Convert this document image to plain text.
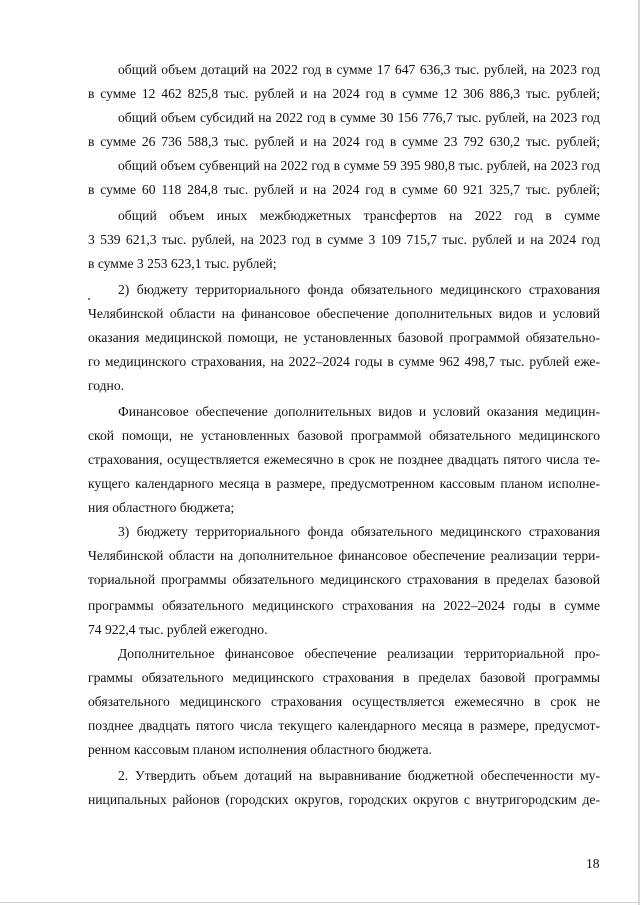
общий объем дотаций на 2022 год в сумме 17 647 636,3 тыс. рублей, на 2023 год
в сумме 12 462 825,8 тыс. рублей и на 2024 год в сумме 12 306 886,3 тыс. рублей;
общий объем субсидий на 2022 год в сумме 30 156 776,7 тыс. рублей, на 2023 год
в сумме 26 736 588,3 тыс. рублей и на 2024 год в сумме 23 792 630,2 тыс. рублей;
общий объем субвенций на 2022 год в сумме 59 395 980,8 тыс. рублей, на 2023 год
в сумме 60 118 284,8 тыс. рублей и на 2024 год в сумме 60 921 325,7 тыс. рублей;
общий объем иных межбюджетных трансфертов на 2022 год в сумме
3 539 621,3 тыс. рублей, на 2023 год в сумме 3 109 715,7 тыс. рублей и на 2024 год
в сумме 3 253 623,1 тыс. рублей;
2) бюджету территориального фонда обязательного медицинского страхования
Челябинской области на финансовое обеспечение дополнительных видов и условий
оказания медицинской помощи, не установленных базовой программой обязательно-
го медицинского страхования, на 2022–2024 годы в сумме 962 498,7 тыс. рублей еже-
годно.
Финансовое обеспечение дополнительных видов и условий оказания медицин-
ской помощи, не установленных базовой программой обязательного медицинского
страхования, осуществляется ежемесячно в срок не позднее двадцать пятого числа те-
кущего календарного месяца в размере, предусмотренном кассовым планом исполне-
ния областного бюджета;
3) бюджету территориального фонда обязательного медицинского страхования
Челябинской области на дополнительное финансовое обеспечение реализации терри-
ториальной программы обязательного медицинского страхования в пределах базовой
программы обязательного медицинского страхования на 2022–2024 годы в сумме
74 922,4 тыс. рублей ежегодно.
Дополнительное финансовое обеспечение реализации территориальной про-
граммы обязательного медицинского страхования в пределах базовой программы
обязательного медицинского страхования осуществляется ежемесячно в срок не
позднее двадцать пятого числа текущего календарного месяца в размере, предусмот-
ренном кассовым планом исполнения областного бюджета.
2. Утвердить объем дотаций на выравнивание бюджетной обеспеченности му-
ниципальных районов (городских округов, городских округов с внутригородским де-
18
